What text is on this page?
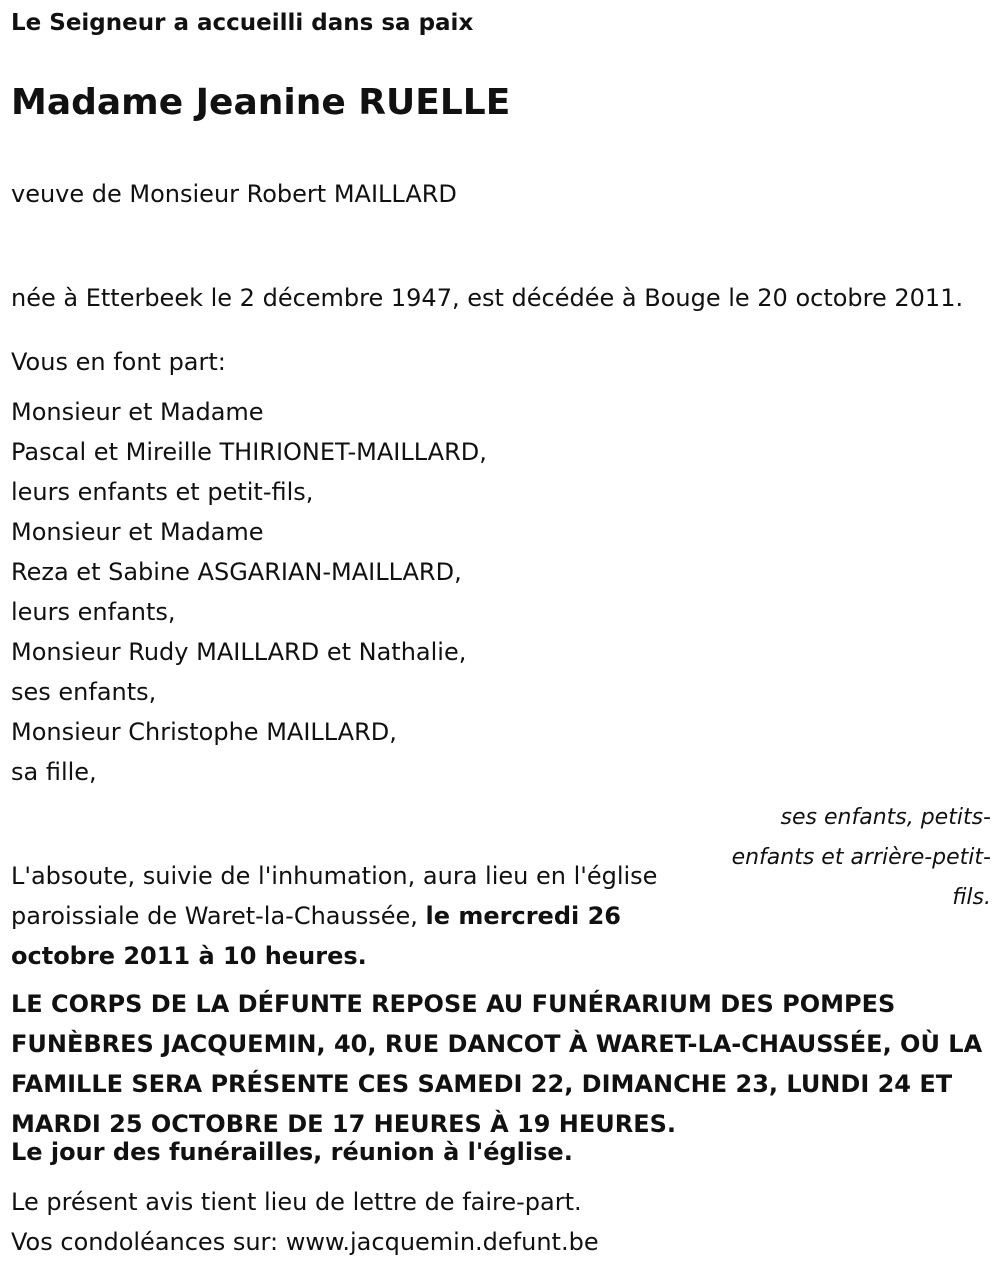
Le Seigneur a accueilli dans sa paix

Madame Jeanine RUELLE

veuve de Monsieur Robert MAILLARD

née à Etterbeek le 2 décembre 1947, est décédée à Bouge le 20 octobre 2011.

Vous en font part:

Monsieur et Madame

Pascal et Mireille THIRIONET-MAILLARD,

leurs enfants et petit-fils,

Monsieur et Madame

Reza et Sabine ASGARIAN-MAILLARD,

leurs enfants,

Monsieur Rudy MAILLARD et Nathalie,

ses enfants,

Monsieur Christophe MAILLARD,

sa fille,

ses enfants, petits-enfants et arrière-petit-fils.

L'absoute, suivie de l'inhumation, aura lieu en l'église paroissiale de Waret-la-Chaussée, le mercredi 26 octobre 2011 à 10 heures.

LE CORPS DE LA DÉFUNTE REPOSE AU FUNÉRARIUM DES POMPES FUNÈBRES JACQUEMIN, 40, RUE DANCOT À WARET-LA-CHAUSSÉE, OÙ LA FAMILLE SERA PRÉSENTE CES SAMEDI 22, DIMANCHE 23, LUNDI 24 ET MARDI 25 OCTOBRE DE 17 HEURES À 19 HEURES.

Le jour des funérailles, réunion à l'église.

Le présent avis tient lieu de lettre de faire-part.

Vos condoléances sur: www.jacquemin.defunt.be
